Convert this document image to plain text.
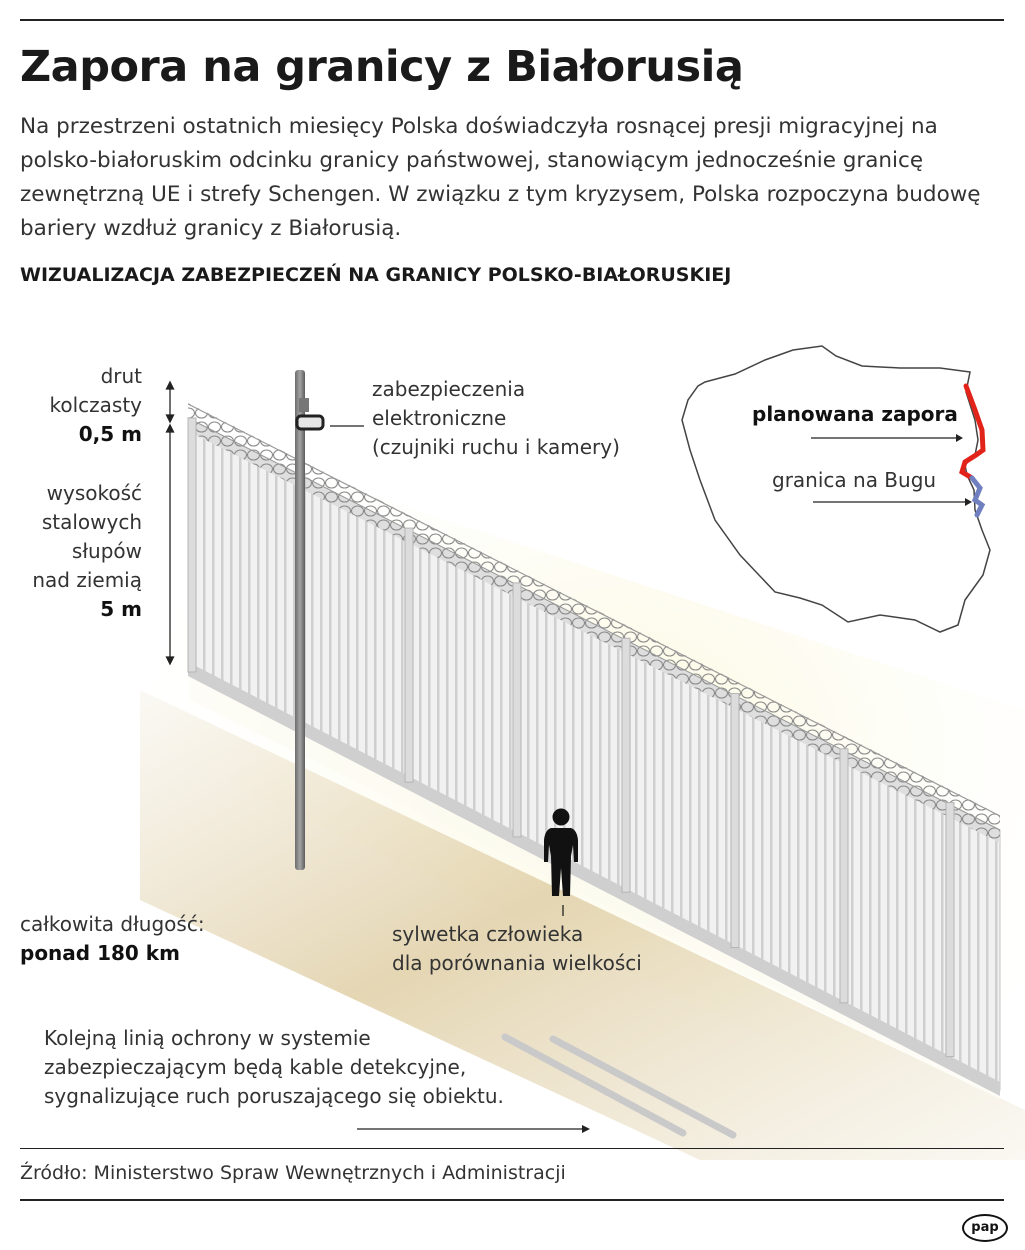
Zapora na granicy z Białorusią

Na przestrzeni ostatnich miesięcy Polska doświadczyła rosnącej presji migracyjnej na polsko-białoruskim odcinku granicy państwowej, stanowiącym jednocześnie granicę zewnętrzną UE i strefy Schengen. W związku z tym kryzysem, Polska rozpoczyna budowę bariery wzdłuż granicy z Białorusią.

WIZUALIZACJA ZABEZPIECZEŃ NA GRANICY POLSKO-BIAŁORUSKIEJ
drut
kolczasty
0,5 m
wysokość
stalowych
słupów
nad ziemią
5 m
zabezpieczenia
elektroniczne
(czujniki ruchu i kamery)
całkowita długość:
ponad 180 km
sylwetka człowieka
dla porównania wielkości
Kolejną linią ochrony w systemie
zabezpieczającym będą kable detekcyjne,
sygnalizujące ruch poruszającego się obiektu.
planowana zapora
granica na Bugu
Źródło: Ministerstwo Spraw Wewnętrznych i Administracji
pap
